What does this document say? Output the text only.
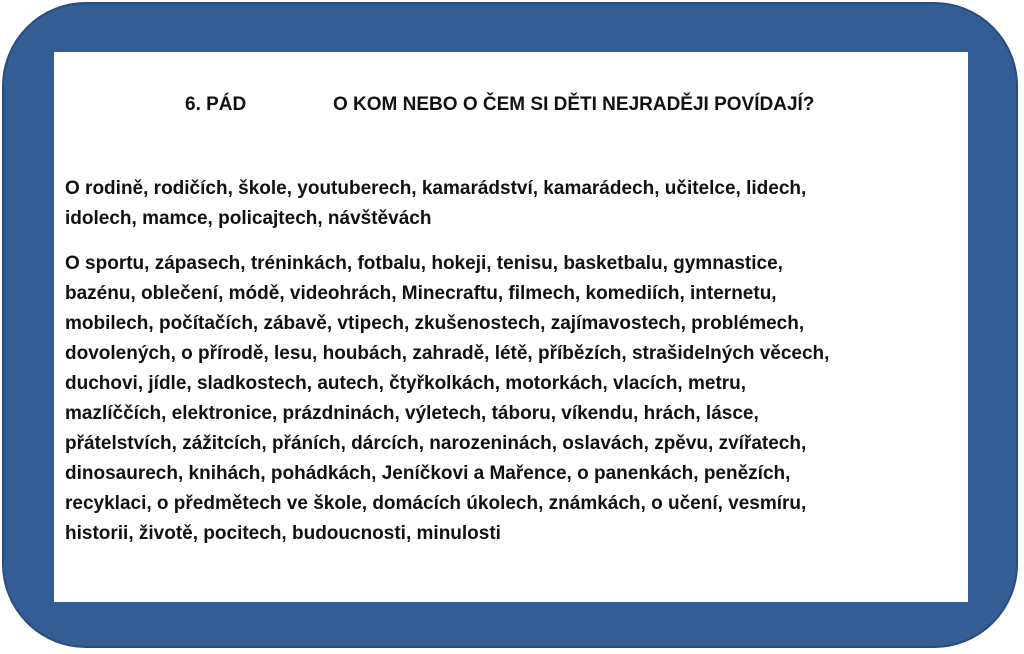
6. PÁD	O KOM NEBO O ČEM SI DĚTI NEJRADĚJI POVÍDAJÍ?

O rodině, rodičích, škole, youtuberech, kamarádství, kamarádech, učitelce, lidech,
idolech, mamce, policajtech, návštěvách

O sportu, zápasech, tréninkách, fotbalu, hokeji, tenisu, basketbalu, gymnastice,
bazénu, oblečení, módě, videohrách, Minecraftu, filmech, komediích, internetu,
mobilech, počítačích, zábavě, vtipech, zkušenostech, zajímavostech, problémech,
dovolených, o přírodě, lesu, houbách, zahradě, létě, příbězích, strašidelných věcech,
duchovi, jídle, sladkostech, autech, čtyřkolkách, motorkách, vlacích, metru,
mazlíččích, elektronice, prázdninách, výletech, táboru, víkendu, hrách, lásce,
přátelstvích, zážitcích, přáních, dárcích, narozeninách, oslavách, zpěvu, zvířatech,
dinosaurech, knihách, pohádkách, Jeníčkovi a Mařence, o panenkách, penězích,
recyklaci, o předmětech ve škole, domácích úkolech, známkách, o učení, vesmíru,
historii, životě, pocitech, budoucnosti, minulosti
